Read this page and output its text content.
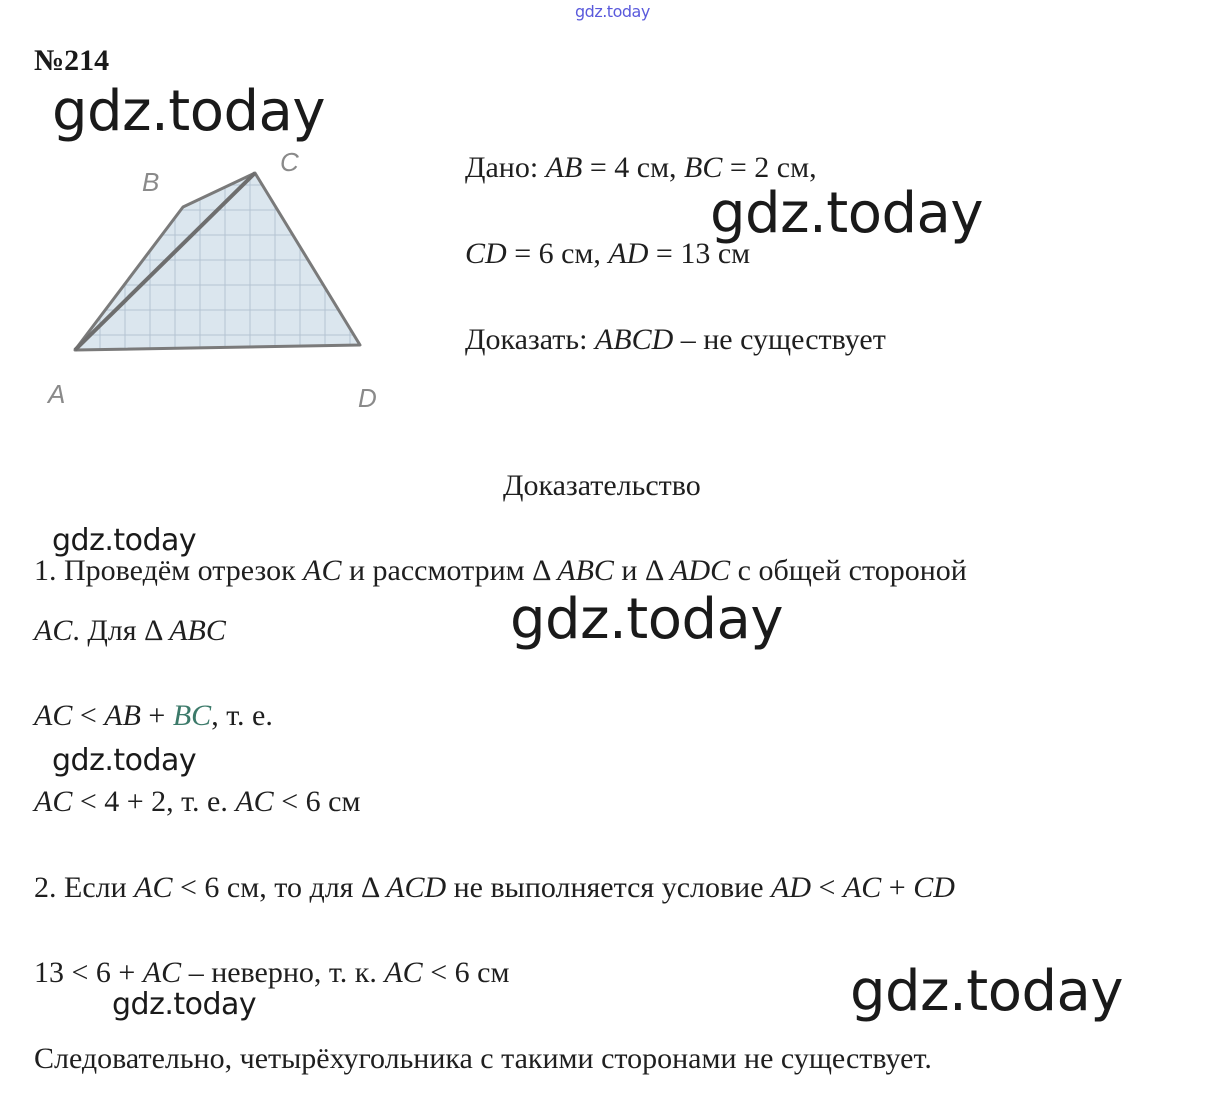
gdz.today
gdz.today
gdz.today
gdz.today
gdz.today
gdz.today
gdz.today
gdz.today
№214
A
B
C
D
Дано: AB = 4 см, BC = 2 см,
CD = 6 см, AD = 13 см
Доказать: ABCD – не существует
Доказательство
1. Проведём отрезок AC и рассмотрим Δ ABC и Δ ADC с общей стороной
AC. Для Δ ABC
AC < AB + BC, т. е.
AC < 4 + 2, т. е. AC < 6 см
2. Если AC < 6 см, то для Δ ACD не выполняется условие AD < AC + CD
13 < 6 + AC – неверно, т. к. AC < 6 см
Следовательно, четырёхугольника с такими сторонами не существует.
